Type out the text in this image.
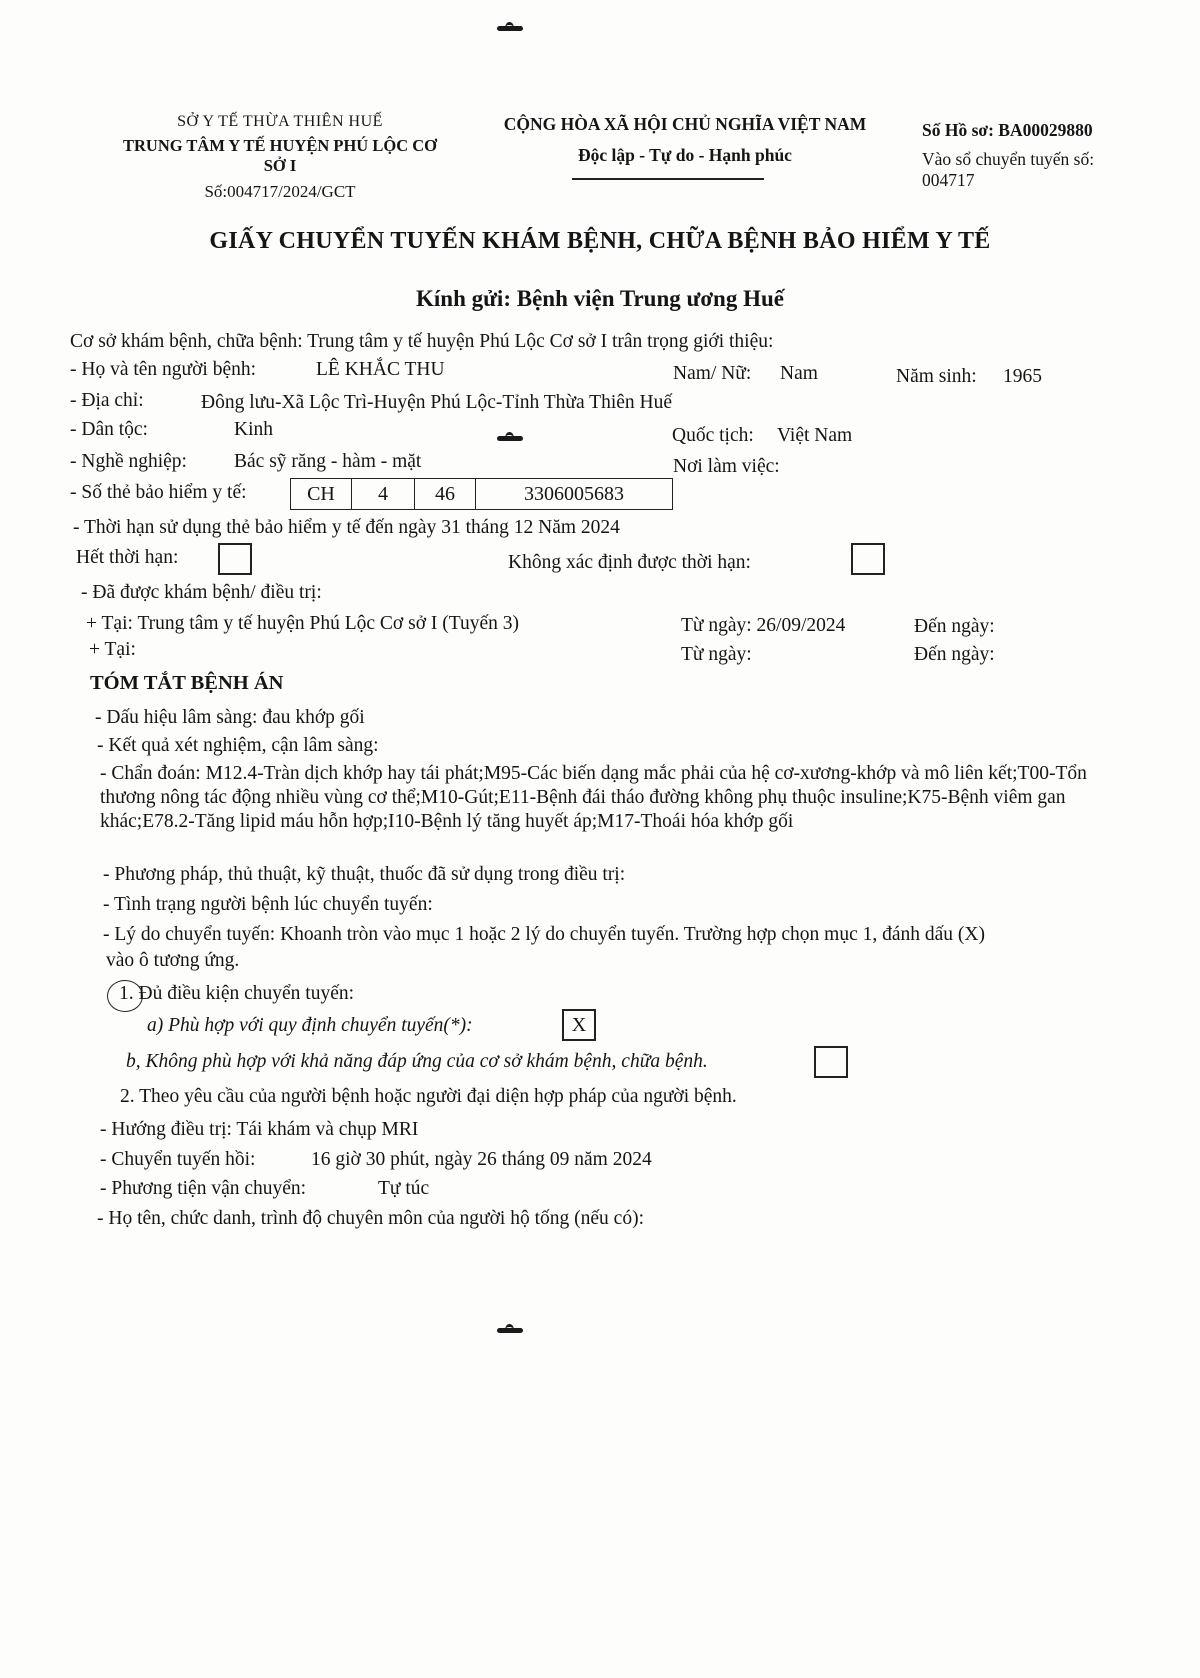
SỞ Y TẾ THỪA THIÊN HUẾ
TRUNG TÂM Y TẾ HUYỆN PHÚ LỘC CƠ
SỞ I
Số:004717/2024/GCT
CỘNG HÒA XÃ HỘI CHỦ NGHĨA VIỆT NAM
Độc lập - Tự do - Hạnh phúc
Số Hồ sơ: BA00029880
Vào sổ chuyển tuyến số:
004717
GIẤY CHUYỂN TUYẾN KHÁM BỆNH, CHỮA BỆNH BẢO HIỂM Y TẾ
Kính gửi: Bệnh viện Trung ương Huế
Cơ sở khám bệnh, chữa bệnh: Trung tâm y tế huyện Phú Lộc Cơ sở I trân trọng giới thiệu:
- Họ và tên người bệnh:	LÊ KHẮC THU	Nam/ Nữ: Nam	Năm sinh: 1965
- Địa chỉ:	Đông lưu-Xã Lộc Trì-Huyện Phú Lộc-Tỉnh Thừa Thiên Huế
- Dân tộc:	Kinh	Quốc tịch: Việt Nam
- Nghề nghiệp: Bác sỹ răng - hàm - mặt	Nơi làm việc:
- Số thẻ bảo hiểm y tế:	CH	4	46	3306005683
- Thời hạn sử dụng thẻ bảo hiểm y tế đến ngày 31 tháng 12 Năm 2024
Hết thời hạn:	Không xác định được thời hạn:
- Đã được khám bệnh/ điều trị:
+ Tại: Trung tâm y tế huyện Phú Lộc Cơ sở I (Tuyến 3)	Từ ngày: 26/09/2024	Đến ngày:
+ Tại:	Từ ngày:	Đến ngày:
TÓM TẮT BỆNH ÁN
- Dấu hiệu lâm sàng: đau khớp gối
- Kết quả xét nghiệm, cận lâm sàng:
- Chẩn đoán: M12.4-Tràn dịch khớp hay tái phát;M95-Các biến dạng mắc phải của hệ cơ-xương-khớp và mô liên kết;T00-Tổn thương nông tác động nhiều vùng cơ thể;M10-Gút;E11-Bệnh đái tháo đường không phụ thuộc insuline;K75-Bệnh viêm gan khác;E78.2-Tăng lipid máu hỗn hợp;I10-Bệnh lý tăng huyết áp;M17-Thoái hóa khớp gối
- Phương pháp, thủ thuật, kỹ thuật, thuốc đã sử dụng trong điều trị:
- Tình trạng người bệnh lúc chuyển tuyến:
- Lý do chuyển tuyến: Khoanh tròn vào mục 1 hoặc 2 lý do chuyển tuyến. Trường hợp chọn mục 1, đánh dấu (X)
vào ô tương ứng.
1. Đủ điều kiện chuyển tuyến:
a) Phù hợp với quy định chuyển tuyến(*):	X
b, Không phù hợp với khả năng đáp ứng của cơ sở khám bệnh, chữa bệnh.
2. Theo yêu cầu của người bệnh hoặc người đại diện hợp pháp của người bệnh.
- Hướng điều trị: Tái khám và chụp MRI
- Chuyển tuyến hồi:	16 giờ 30 phút, ngày 26 tháng 09 năm 2024
- Phương tiện vận chuyển:	Tự túc
- Họ tên, chức danh, trình độ chuyên môn của người hộ tống (nếu có):
